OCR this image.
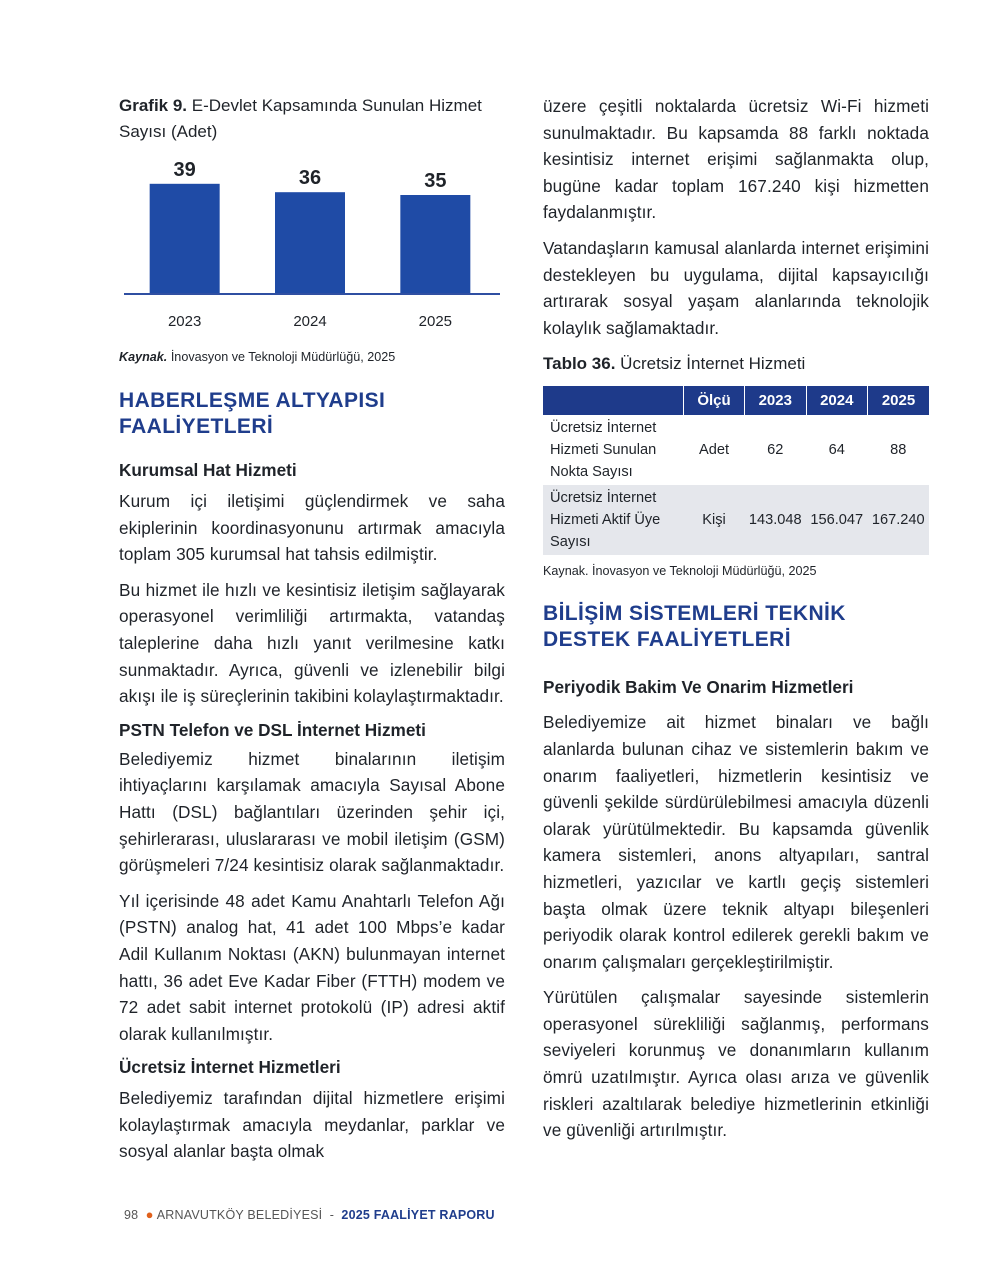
Grafik 9. E-Devlet Kapsamında Sunulan Hizmet Sayısı (Adet)

39
2023
36
2024
35
2025

Kaynak. İnovasyon ve Teknoloji Müdürlüğü, 2025

HABERLEŞME ALTYAPISI FAALİYETLERİ
Kurumsal Hat Hizmeti

Kurum içi iletişimi güçlendirmek ve saha ekiplerinin koordinasyonunu artırmak amacıyla toplam 305 kurumsal hat tahsis edilmiştir.

Bu hizmet ile hızlı ve kesintisiz iletişim sağlayarak operasyonel verimliliği artırmakta, vatandaş taleplerine daha hızlı yanıt verilmesine katkı sunmaktadır. Ayrıca, güvenli ve izlenebilir bilgi akışı ile iş süreçlerinin takibini kolaylaştırmaktadır.

PSTN Telefon ve DSL İnternet Hizmeti

Belediyemiz hizmet binalarının iletişim ihtiyaçlarını karşılamak amacıyla Sayısal Abone Hattı (DSL) bağlantıları üzerinden şehir içi, şehirlerarası, uluslararası ve mobil iletişim (GSM) görüşmeleri 7/24 kesintisiz olarak sağlanmaktadır.

Yıl içerisinde 48 adet Kamu Anahtarlı Telefon Ağı (PSTN) analog hat, 41 adet 100 Mbps’e kadar Adil Kullanım Noktası (AKN) bulunmayan internet hattı, 36 adet Eve Kadar Fiber (FTTH) modem ve 72 adet sabit internet protokolü (IP) adresi aktif olarak kullanılmıştır.

Ücretsiz İnternet Hizmetleri

Belediyemiz tarafından dijital hizmetlere erişimi kolaylaştırmak amacıyla meydanlar, parklar ve sosyal alanlar başta olmak

üzere çeşitli noktalarda ücretsiz Wi-Fi hizmeti sunulmaktadır. Bu kapsamda 88 farklı noktada kesintisiz internet erişimi sağlanmakta olup, bugüne kadar toplam 167.240 kişi hizmetten faydalanmıştır.

Vatandaşların kamusal alanlarda internet erişimini destekleyen bu uygulama, dijital kapsayıcılığı artırarak sosyal yaşam alanlarında teknolojik kolaylık sağlamaktadır.

Tablo 36. Ücretsiz İnternet Hizmeti

	Ölçü	2023	2024	2025
Ücretsiz İnternet Hizmeti Sunulan Nokta Sayısı	Adet	62	64	88
Ücretsiz İnternet Hizmeti Aktif Üye Sayısı	Kişi	143.048	156.047	167.240

Kaynak. İnovasyon ve Teknoloji Müdürlüğü, 2025

BİLİŞİM SİSTEMLERİ TEKNİK DESTEK FAALİYETLERİ
Periyodik Bakim Ve Onarim Hizmetleri

Belediyemize ait hizmet binaları ve bağlı alanlarda bulunan cihaz ve sistemlerin bakım ve onarım faaliyetleri, hizmetlerin kesintisiz ve güvenli şekilde sürdürülebilmesi amacıyla düzenli olarak yürütülmektedir. Bu kapsamda güvenlik kamera sistemleri, anons altyapıları, santral hizmetleri, yazıcılar ve kartlı geçiş sistemleri başta olmak üzere teknik altyapı bileşenleri periyodik olarak kontrol edilerek gerekli bakım ve onarım çalışmaları gerçekleştirilmiştir.

Yürütülen çalışmalar sayesinde sistemlerin operasyonel sürekliliği sağlanmış, performans seviyeleri korunmuş ve donanımların kullanım ömrü uzatılmıştır. Ayrıca olası arıza ve güvenlik riskleri azaltılarak belediye hizmetlerinin etkinliği ve güvenliği artırılmıştır.

98 ● ARNAVUTKÖY BELEDİYESİ - 2025 FAALİYET RAPORU
